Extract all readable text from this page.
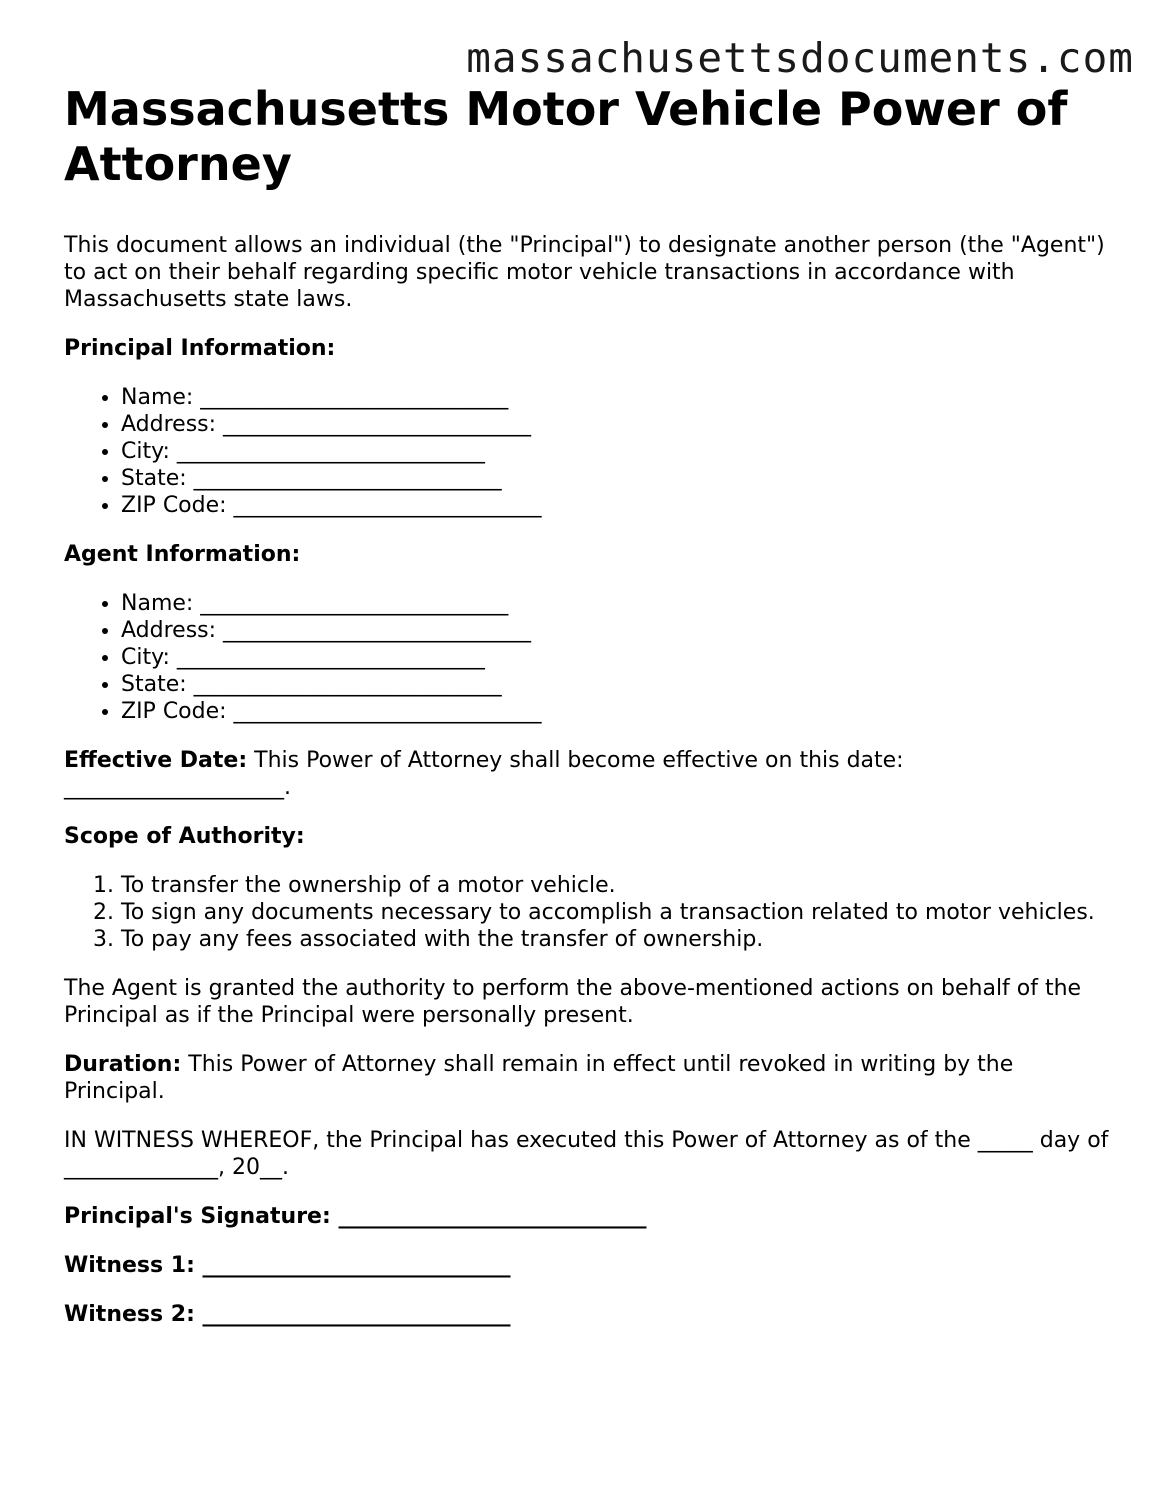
massachusettsdocuments.com
Massachusetts Motor Vehicle Power of Attorney

This document allows an individual (the "Principal") to designate another person (the "Agent") to act on their behalf regarding specific motor vehicle transactions in accordance with Massachusetts state laws.

Principal Information:
• Name: ____________________________
• Address: ____________________________
• City: ____________________________
• State: ____________________________
• ZIP Code: ____________________________
Agent Information:
• Name: ____________________________
• Address: ____________________________
• City: ____________________________
• State: ____________________________
• ZIP Code: ____________________________

Effective Date: This Power of Attorney shall become effective on this date: ____________________.

Scope of Authority:
1. To transfer the ownership of a motor vehicle.
2. To sign any documents necessary to accomplish a transaction related to motor vehicles.
3. To pay any fees associated with the transfer of ownership.

The Agent is granted the authority to perform the above-mentioned actions on behalf of the Principal as if the Principal were personally present.

Duration: This Power of Attorney shall remain in effect until revoked in writing by the Principal.

IN WITNESS WHEREOF, the Principal has executed this Power of Attorney as of the _____ day of ______________, 20__.

Principal's Signature: ____________________________

Witness 1: ____________________________

Witness 2: ____________________________
